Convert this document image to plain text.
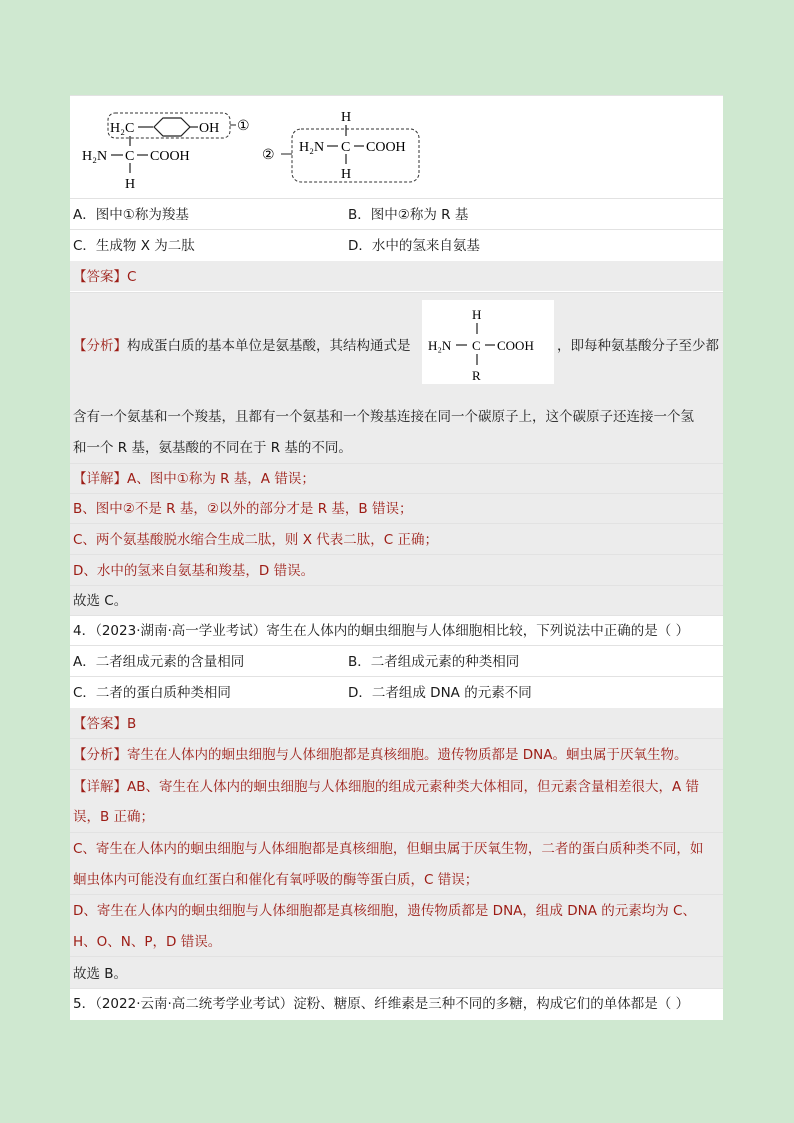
H₂C	OH ①
H₂N C COOH
H
②
H
H₂N C COOH
H
A．图中①称为羧基	B．图中②称为 R 基
C．生成物 X 为二肽	D．水中的氢来自氨基
【答案】C
【分析】构成蛋白质的基本单位是氨基酸，其结构通式是
H
H₂N C COOH
R
，即每种氨基酸分子至少都
含有一个氨基和一个羧基，且都有一个氨基和一个羧基连接在同一个碳原子上，这个碳原子还连接一个氢
和一个 R 基，氨基酸的不同在于 R 基的不同。
【详解】A、图中①称为 R 基，A 错误；
B、图中②不是 R 基，②以外的部分才是 R 基，B 错误；
C、两个氨基酸脱水缩合生成二肽，则 X 代表二肽，C 正确；
D、水中的氢来自氨基和羧基，D 错误。
故选 C。
4．（2023·湖南·高一学业考试）寄生在人体内的蛔虫细胞与人体细胞相比较，下列说法中正确的是（ ）
A．二者组成元素的含量相同	B．二者组成元素的种类相同
C．二者的蛋白质种类相同	D．二者组成 DNA 的元素不同
【答案】B
【分析】寄生在人体内的蛔虫细胞与人体细胞都是真核细胞。遗传物质都是 DNA。蛔虫属于厌氧生物。
【详解】AB、寄生在人体内的蛔虫细胞与人体细胞的组成元素种类大体相同，但元素含量相差很大，A 错
误，B 正确；
C、寄生在人体内的蛔虫细胞与人体细胞都是真核细胞，但蛔虫属于厌氧生物，二者的蛋白质种类不同，如
蛔虫体内可能没有血红蛋白和催化有氧呼吸的酶等蛋白质，C 错误；
D、寄生在人体内的蛔虫细胞与人体细胞都是真核细胞，遗传物质都是 DNA，组成 DNA 的元素均为 C、
H、O、N、P，D 错误。
故选 B。
5．（2022·云南·高二统考学业考试）淀粉、糖原、纤维素是三种不同的多糖，构成它们的单体都是（ ）
